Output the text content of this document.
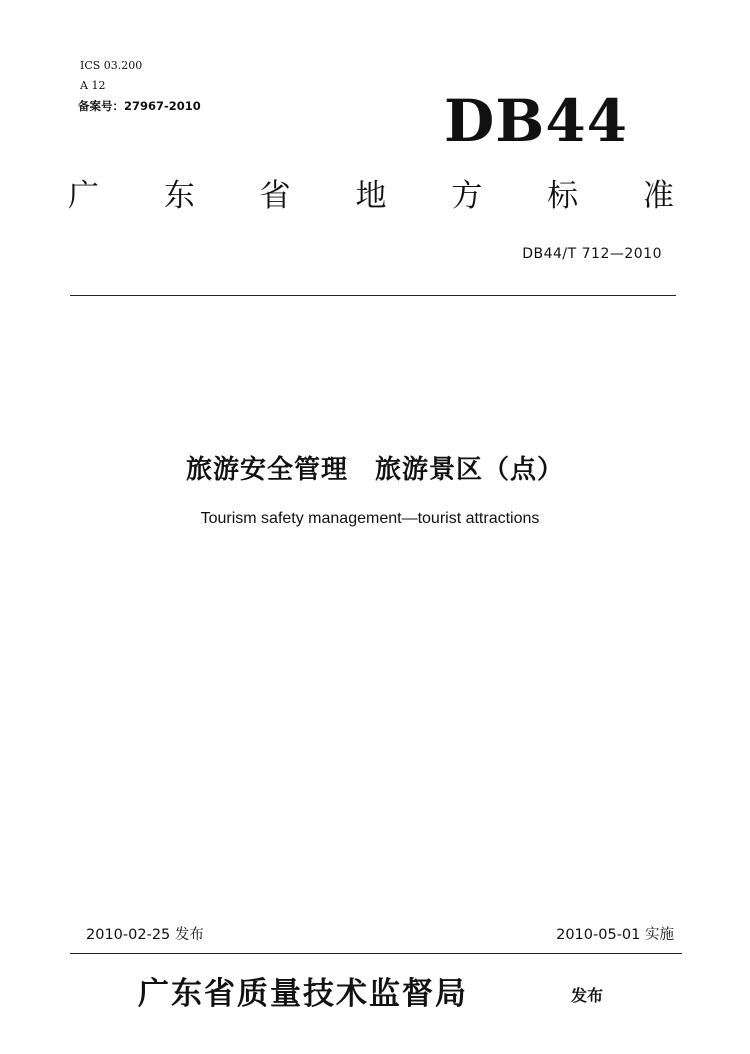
ICS 03.200
A 12
备案号：27967-2010	DB44
广 东 省 地 方 标 准
DB44/T 712—2010
旅游安全管理　旅游景区（点）
Tourism safety management—tourist attractions
2010-02-25 发布	2010-05-01 实施
广东省质量技术监督局	发布
